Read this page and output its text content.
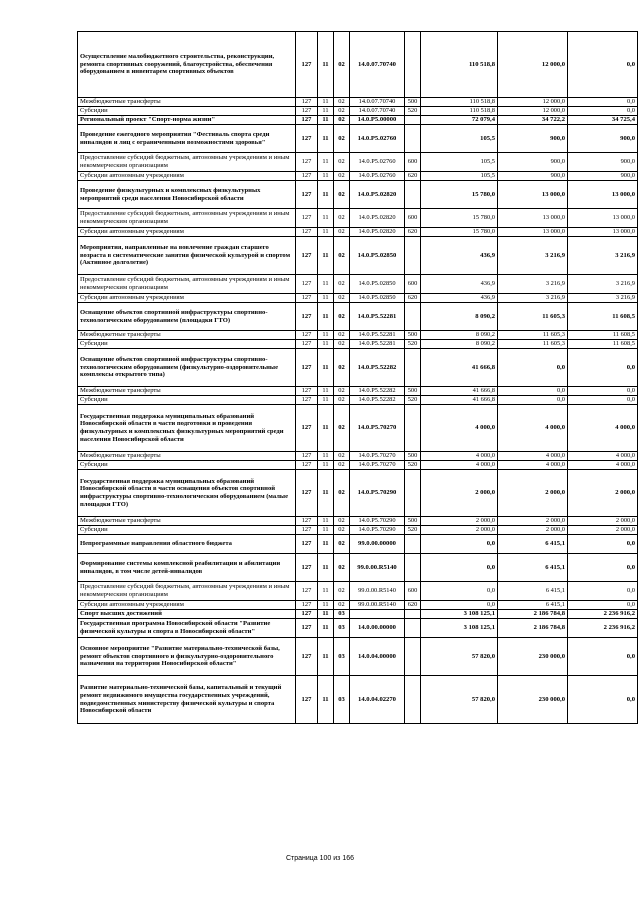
Осуществление малобюджетного строительства, реконструкции, ремонта спортивных сооружений, благоустройства, обеспечения оборудованием в инвентарем спортивных объектов	127	11	02	14.0.07.70740		110 518,8	12 000,0	0,0
Межбюджетные трансферты	127	11	02	14.0.07.70740	500	110 518,8	12 000,0	0,0
Субсидии	127	11	02	14.0.07.70740	520	110 518,8	12 000,0	0,0
Региональный проект "Спорт-норма жизни"	127	11	02	14.0.P5.00000		72 079,4	34 722,2	34 725,4
Проведение ежегодного мероприятия "Фестиваль спорта среди инвалидов и лиц с ограниченными возможностями здоровья"	127	11	02	14.0.P5.02760		105,5	900,0	900,0
Предоставление субсидий бюджетным, автономным учреждениям и иным некоммерческим организациям	127	11	02	14.0.P5.02760	600	105,5	900,0	900,0
Субсидии автономным учреждениям	127	11	02	14.0.P5.02760	620	105,5	900,0	900,0
Проведение физкультурных и комплексных физкультурных мероприятий среди населения Новосибирской области	127	11	02	14.0.P5.02820		15 780,0	13 000,0	13 000,0
Предоставление субсидий бюджетным, автономным учреждениям и иным некоммерческим организациям	127	11	02	14.0.P5.02820	600	15 780,0	13 000,0	13 000,0
Субсидии автономным учреждениям	127	11	02	14.0.P5.02820	620	15 780,0	13 000,0	13 000,0
Мероприятия, направленные на вовлечение граждан старшего возраста в систематические занятия физической культурой и спортом (Активное долголетие)	127	11	02	14.0.P5.02850		436,9	3 216,9	3 216,9
Предоставление субсидий бюджетным, автономным учреждениям и иным некоммерческим организациям	127	11	02	14.0.P5.02850	600	436,9	3 216,9	3 216,9
Субсидии автономным учреждениям	127	11	02	14.0.P5.02850	620	436,9	3 216,9	3 216,9
Оснащение объектов спортивной инфраструктуры спортивно-технологическим оборудованием (площадки ГТО)	127	11	02	14.0.P5.52281		8 090,2	11 605,3	11 608,5
Межбюджетные трансферты	127	11	02	14.0.P5.52281	500	8 090,2	11 605,3	11 608,5
Субсидии	127	11	02	14.0.P5.52281	520	8 090,2	11 605,3	11 608,5
Оснащение объектов спортивной инфраструктуры спортивно-технологическим оборудованием (физкультурно-оздоровительные комплексы открытого типа)	127	11	02	14.0.P5.52282		41 666,8	0,0	0,0
Межбюджетные трансферты	127	11	02	14.0.P5.52282	500	41 666,8	0,0	0,0
Субсидии	127	11	02	14.0.P5.52282	520	41 666,8	0,0	0,0
Государственная поддержка муниципальных образований Новосибирской области в части подготовки и проведения физкультурных и комплексных физкультурных мероприятий среди населения Новосибирской области	127	11	02	14.0.P5.70270		4 000,0	4 000,0	4 000,0
Межбюджетные трансферты	127	11	02	14.0.P5.70270	500	4 000,0	4 000,0	4 000,0
Субсидии	127	11	02	14.0.P5.70270	520	4 000,0	4 000,0	4 000,0
Государственная поддержка муниципальных образований Новосибирской области в части оснащения объектов спортивной инфраструктуры спортивно-технологическим оборудованием (малые площадки ГТО)	127	11	02	14.0.P5.70290		2 000,0	2 000,0	2 000,0
Межбюджетные трансферты	127	11	02	14.0.P5.70290	500	2 000,0	2 000,0	2 000,0
Субсидии	127	11	02	14.0.P5.70290	520	2 000,0	2 000,0	2 000,0
Непрограммные направления областного бюджета	127	11	02	99.0.00.00000		0,0	6 415,1	0,0
Формирование системы комплексной реабилитации и абилитации инвалидов, в том числе детей-инвалидов	127	11	02	99.0.00.R5140		0,0	6 415,1	0,0
Предоставление субсидий бюджетным, автономным учреждениям и иным некоммерческим организациям	127	11	02	99.0.00.R5140	600	0,0	6 415,1	0,0
Субсидии автономным учреждениям	127	11	02	99.0.00.R5140	620	0,0	6 415,1	0,0
Спорт высших достижений	127	11	03			3 108 125,1	2 186 784,8	2 236 916,2
Государственная программа Новосибирской области "Развитие физической культуры и спорта в Новосибирской области"	127	11	03	14.0.00.00000		3 108 125,1	2 186 784,8	2 236 916,2
Основное мероприятие "Развитие материально-технической базы, ремонт объектов спортивного и физкультурно-оздоровительного назначения на территории Новосибирской области"	127	11	03	14.0.04.00000		57 820,0	230 000,0	0,0
Развитие материально-технической базы, капитальный и текущий ремонт недвижимого имущества государственных учреждений, подведомственных министерству физической культуры и спорта Новосибирской области	127	11	03	14.0.04.02270		57 820,0	230 000,0	0,0
Страница 100 из 166
